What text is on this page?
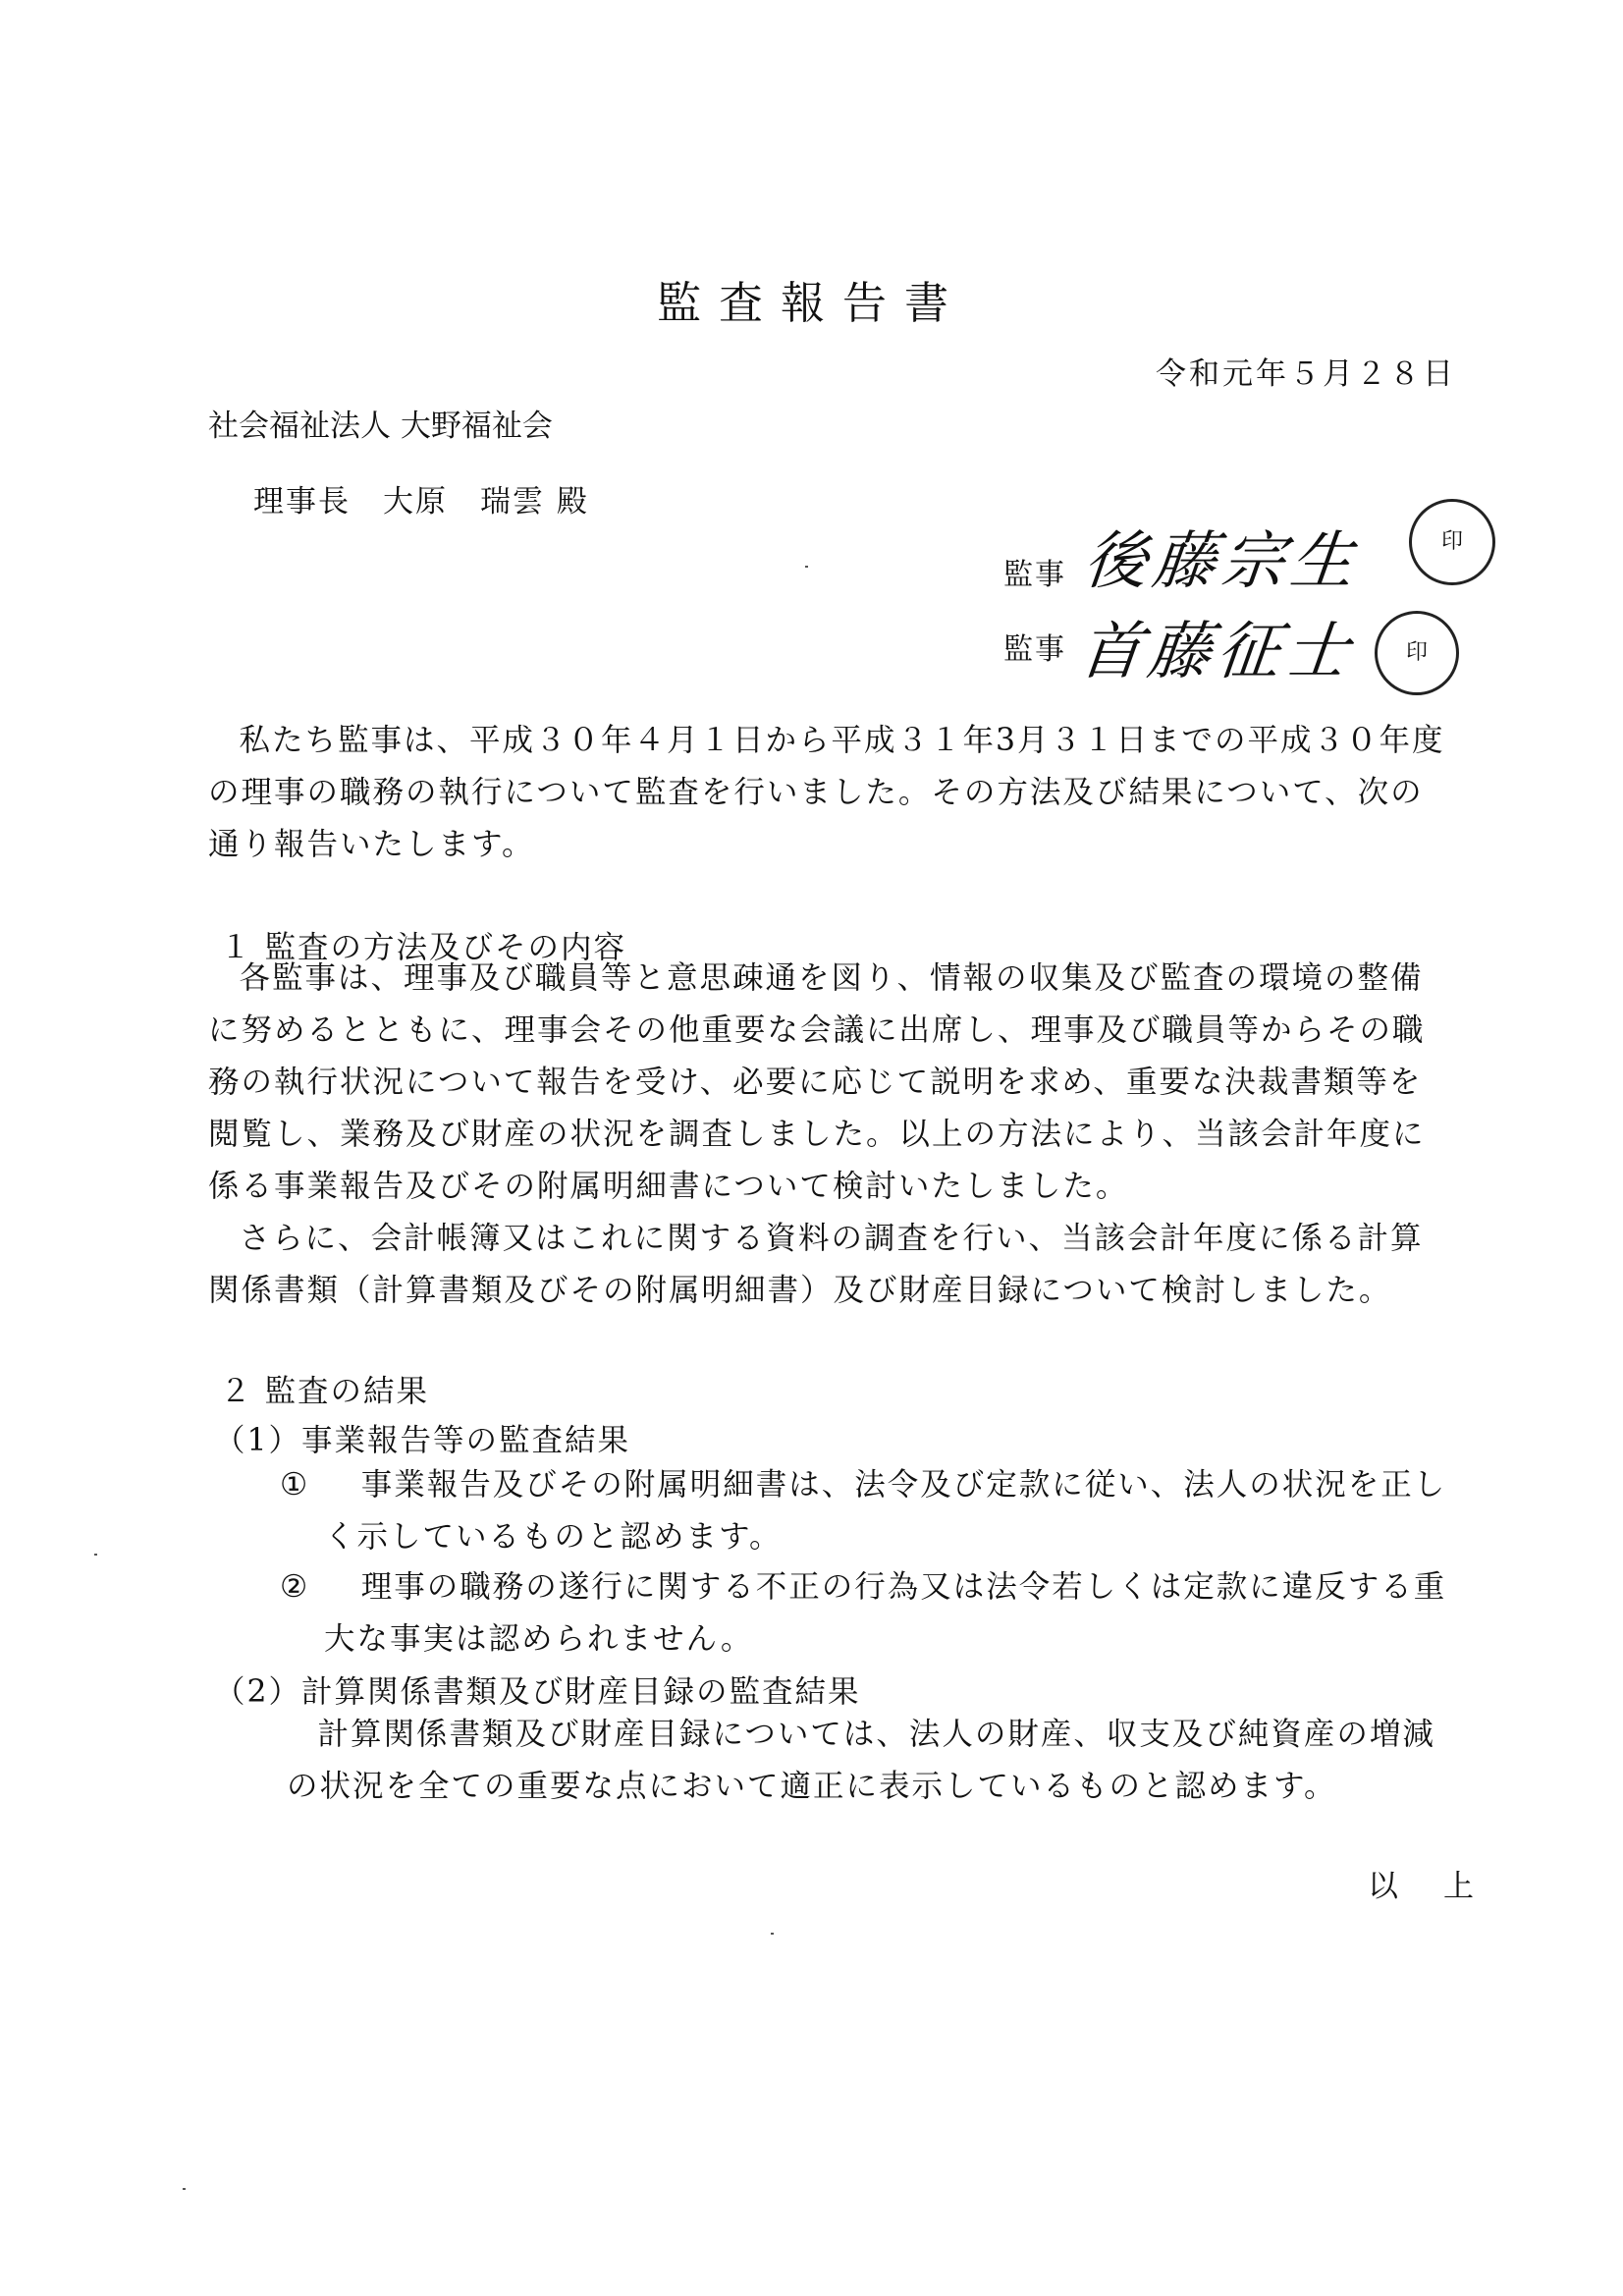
監査報告書
令和元年５月２８日
社会福祉法人 大野福祉会
理事長　大原　瑞雲 殿
監事 後藤宗生	印
監事 首藤征士	印

私たち監事は、平成３０年４月１日から平成３１年3月３１日までの平成３０年度の理事の職務の執行について監査を行いました。その方法及び結果について、次の通り報告いたします。

１ 監査の方法及びその内容

各監事は、理事及び職員等と意思疎通を図り、情報の収集及び監査の環境の整備に努めるとともに、理事会その他重要な会議に出席し、理事及び職員等からその職務の執行状況について報告を受け、必要に応じて説明を求め、重要な決裁書類等を閲覧し、業務及び財産の状況を調査しました。以上の方法により、当該会計年度に係る事業報告及びその附属明細書について検討いたしました。

さらに、会計帳簿又はこれに関する資料の調査を行い、当該会計年度に係る計算関係書類（計算書類及びその附属明細書）及び財産目録について検討しました。

２ 監査の結果
（1）事業報告等の監査結果
①	事業報告及びその附属明細書は、法令及び定款に従い、法人の状況を正しく示しているものと認めます。
②	理事の職務の遂行に関する不正の行為又は法令若しくは定款に違反する重大な事実は認められません。
（2）計算関係書類及び財産目録の監査結果
計算関係書類及び財産目録については、法人の財産、収支及び純資産の増減の状況を全ての重要な点において適正に表示しているものと認めます。
以 上
